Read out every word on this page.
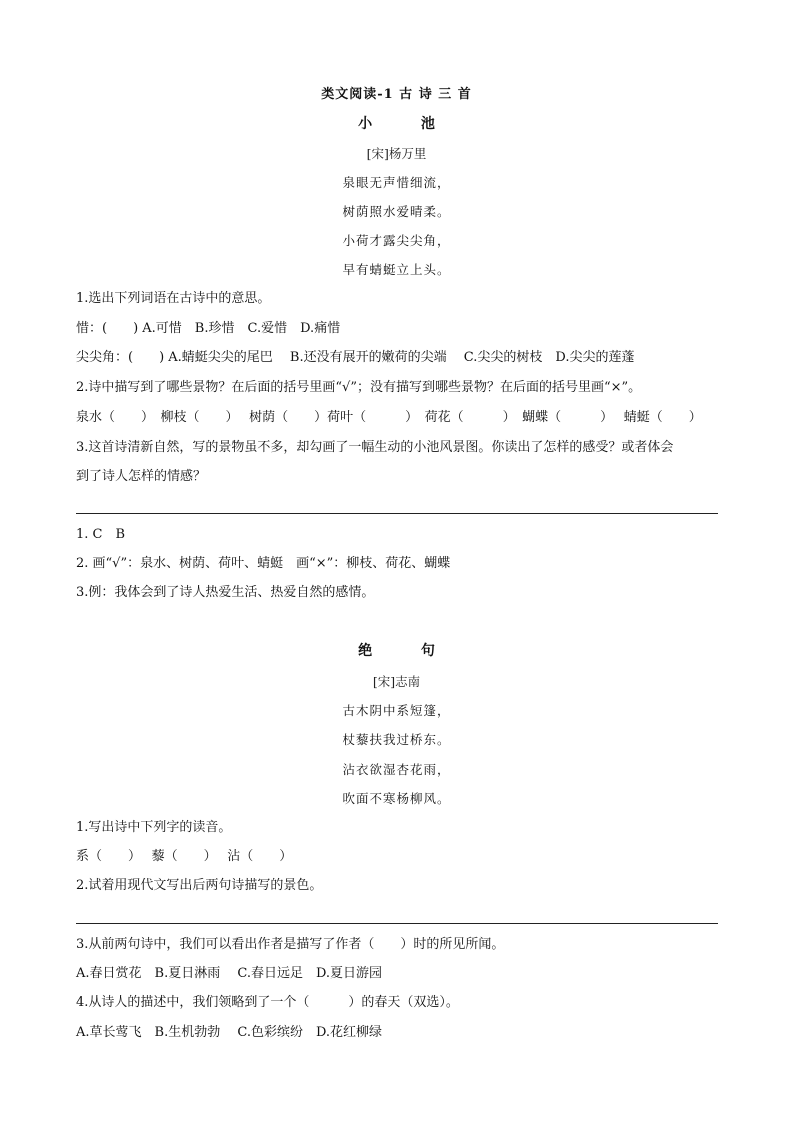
类文阅读-1 古 诗 三 首
小 池
[宋]杨万里
泉眼无声惜细流，
树荫照水爱晴柔。
小荷才露尖尖角，
早有蜻蜓立上头。
1.选出下列词语在古诗中的意思。
惜：(　　) A.可惜　B.珍惜　C.爱惜　D.痛惜
尖尖角：(　　) A.蜻蜓尖尖的尾巴　 B.还没有展开的嫩荷的尖端　 C.尖尖的树枝　D.尖尖的莲蓬
2.诗中描写到了哪些景物？在后面的括号里画“√”；没有描写到哪些景物？在后面的括号里画“×”。
泉水（　　）　柳枝（　　）　 树荫（　　）荷叶（　　　）　荷花（　　　）　蝴蝶（　　　）　 蜻蜓（　　）
3.这首诗清新自然，写的景物虽不多，却勾画了一幅生动的小池风景图。你读出了怎样的感受？或者体会
到了诗人怎样的情感？
1. C　B
2. 画“√”：泉水、树荫、荷叶、蜻蜓　画“×”：柳枝、荷花、蝴蝶
3.例：我体会到了诗人热爱生活、热爱自然的感情。
绝 句
[宋]志南
古木阴中系短篷，
杖藜扶我过桥东。
沾衣欲湿杏花雨，
吹面不寒杨柳风。
1.写出诗中下列字的读音。
系（　　）　 藜（　　）　 沾（　　）
2.试着用现代文写出后两句诗描写的景色。
3.从前两句诗中，我们可以看出作者是描写了作者（　　）时的所见所闻。
A.春日赏花　B.夏日淋雨　 C.春日远足　D.夏日游园
4.从诗人的描述中，我们领略到了一个（　　　）的春天（双选）。
A.草长莺飞　B.生机勃勃　 C.色彩缤纷　D.花红柳绿
